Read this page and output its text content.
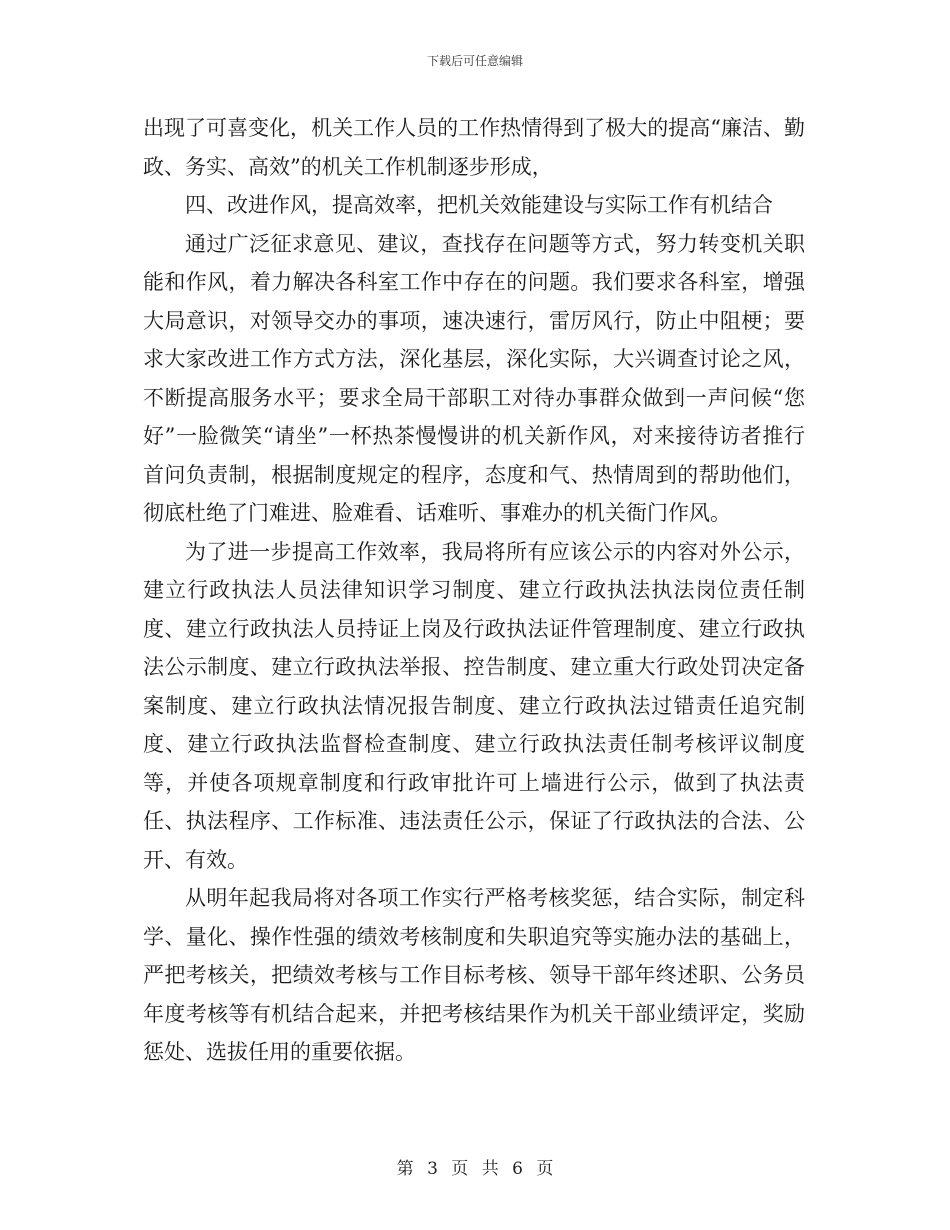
下载后可任意编辑

出现了可喜变化，机关工作人员的工作热情得到了极大的提高“廉洁、勤政、务实、高效”的机关工作机制逐步形成，

四、改进作风，提高效率，把机关效能建设与实际工作有机结合

通过广泛征求意见、建议，查找存在问题等方式，努力转变机关职能和作风，着力解决各科室工作中存在的问题。我们要求各科室，增强大局意识，对领导交办的事项，速决速行，雷厉风行，防止中阻梗；要求大家改进工作方式方法，深化基层，深化实际，大兴调查讨论之风，不断提高服务水平；要求全局干部职工对待办事群众做到一声问候“您好”一脸微笑“请坐”一杯热茶慢慢讲的机关新作风，对来接待访者推行首问负责制，根据制度规定的程序，态度和气、热情周到的帮助他们，彻底杜绝了门难进、脸难看、话难听、事难办的机关衙门作风。

为了进一步提高工作效率，我局将所有应该公示的内容对外公示，建立行政执法人员法律知识学习制度、建立行政执法执法岗位责任制度、建立行政执法人员持证上岗及行政执法证件管理制度、建立行政执法公示制度、建立行政执法举报、控告制度、建立重大行政处罚决定备案制度、建立行政执法情况报告制度、建立行政执法过错责任追究制度、建立行政执法监督检查制度、建立行政执法责任制考核评议制度等，并使各项规章制度和行政审批许可上墙进行公示，做到了执法责任、执法程序、工作标准、违法责任公示，保证了行政执法的合法、公开、有效。

从明年起我局将对各项工作实行严格考核奖惩，结合实际，制定科学、量化、操作性强的绩效考核制度和失职追究等实施办法的基础上，严把考核关，把绩效考核与工作目标考核、领导干部年终述职、公务员年度考核等有机结合起来，并把考核结果作为机关干部业绩评定，奖励惩处、选拔任用的重要依据。

第 3 页 共 6 页
